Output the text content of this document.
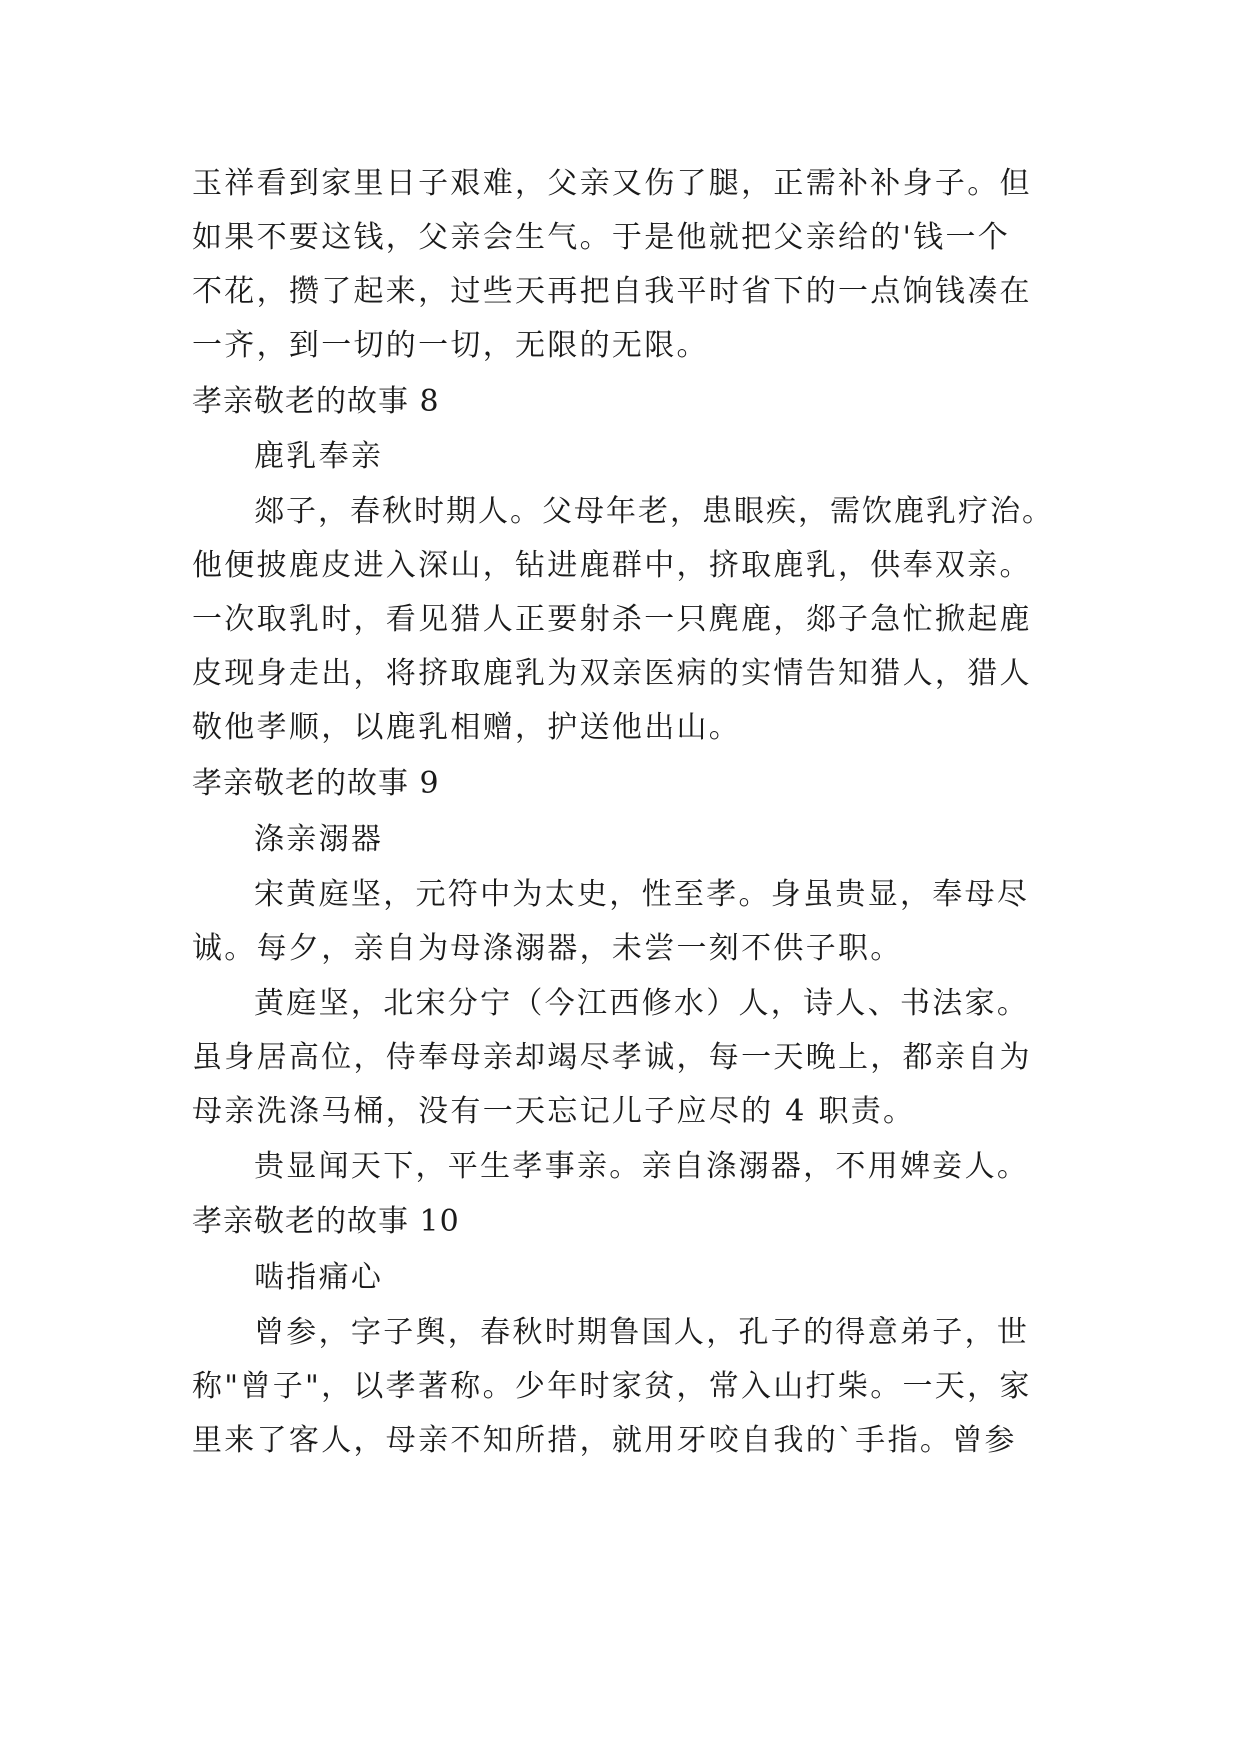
玉祥看到家里日子艰难，父亲又伤了腿，正需补补身子。但
如果不要这钱，父亲会生气。于是他就把父亲给的'钱一个
不花，攒了起来，过些天再把自我平时省下的一点饷钱凑在
一齐，到一切的一切，无限的无限。
孝亲敬老的故事 8
鹿乳奉亲
郯子，春秋时期人。父母年老，患眼疾，需饮鹿乳疗治。
他便披鹿皮进入深山，钻进鹿群中，挤取鹿乳，供奉双亲。
一次取乳时，看见猎人正要射杀一只麂鹿，郯子急忙掀起鹿
皮现身走出，将挤取鹿乳为双亲医病的实情告知猎人，猎人
敬他孝顺，以鹿乳相赠，护送他出山。
孝亲敬老的故事 9
涤亲溺器
宋黄庭坚，元符中为太史，性至孝。身虽贵显，奉母尽
诚。每夕，亲自为母涤溺器，未尝一刻不供子职。
黄庭坚，北宋分宁（今江西修水）人，诗人、书法家。
虽身居高位，侍奉母亲却竭尽孝诚，每一天晚上，都亲自为
母亲洗涤马桶，没有一天忘记儿子应尽的 4 职责。
贵显闻天下，平生孝事亲。亲自涤溺器，不用婢妾人。
孝亲敬老的故事 10
啮指痛心
曾参，字子舆，春秋时期鲁国人，孔子的得意弟子，世
称"曾子"，以孝著称。少年时家贫，常入山打柴。一天，家
里来了客人，母亲不知所措，就用牙咬自我的`手指。曾参
